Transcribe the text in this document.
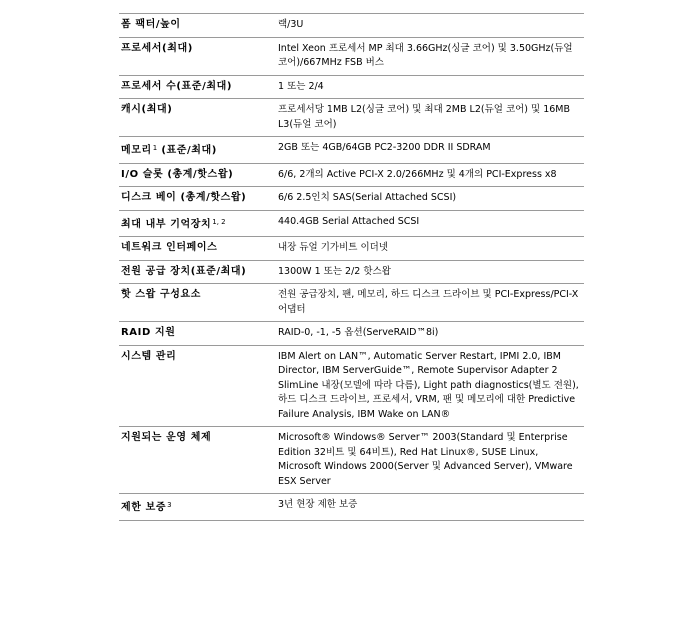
폼 팩터/높이	랙/3U
프로세서(최대)	Intel Xeon 프로세서 MP 최대 3.66GHz(싱글 코어) 및 3.50GHz(듀얼 코어)/667MHz FSB 버스
프로세서 수(표준/최대)	1 또는 2/4
캐시(최대)	프로세서당 1MB L2(싱글 코어) 및 최대 2MB L2(듀얼 코어) 및 16MB L3(듀얼 코어)
메모리$^1$ (표준/최대)	2GB 또는 4GB/64GB PC2-3200 DDR II SDRAM
I/O 슬롯 (총계/핫스왑)	6/6, 2개의 Active PCI-X 2.0/266MHz 및 4개의 PCI-Express x8
디스크 베이 (총계/핫스왑)	6/6 2.5인치 SAS(Serial Attached SCSI)
최대 내부 기억장치$^{1, 2}$	440.4GB Serial Attached SCSI
네트워크 인터페이스	내장 듀얼 기가비트 이더넷
전원 공급 장치(표준/최대)	1300W 1 또는 2/2 핫스왑
핫 스왑 구성요소	전원 공급장치, 팬, 메모리, 하드 디스크 드라이브 및 PCI-Express/PCI-X 어댑터
RAID 지원	RAID-0, -1, -5 옵션(ServeRAID™8i)
시스템 관리	IBM Alert on LAN™, Automatic Server Restart, IPMI 2.0, IBM Director, IBM ServerGuide™, Remote Supervisor Adapter 2 SlimLine 내장(모델에 따라 다름), Light path diagnostics(별도 전원), 하드 디스크 드라이브, 프로세서, VRM, 팬 및 메모리에 대한 Predictive Failure Analysis, IBM Wake on LAN®
지원되는 운영 체제	Microsoft® Windows® Server™ 2003(Standard 및 Enterprise Edition 32비트 및 64비트), Red Hat Linux®, SUSE Linux, Microsoft Windows 2000(Server 및 Advanced Server), VMware ESX Server
제한 보증$^3$	3년 현장 제한 보증
